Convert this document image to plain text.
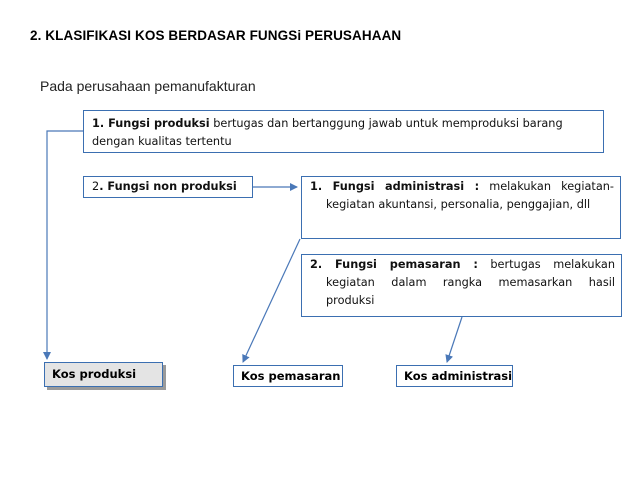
2. KLASIFIKASI KOS BERDASAR FUNGSi PERUSAHAAN
Pada perusahaan pemanufakturan
1. Fungsi produksi bertugas dan bertanggung jawab untuk memproduksi barang dengan kualitas tertentu
2. Fungsi non produksi	1. Fungsi administrasi : melakukan kegiatan-kegiatan akuntansi, personalia, penggajian, dll
2. Fungsi pemasaran : bertugas melakukan kegiatan dalam rangka memasarkan hasil produksi
Kos produksi	Kos pemasaran	Kos administrasi
